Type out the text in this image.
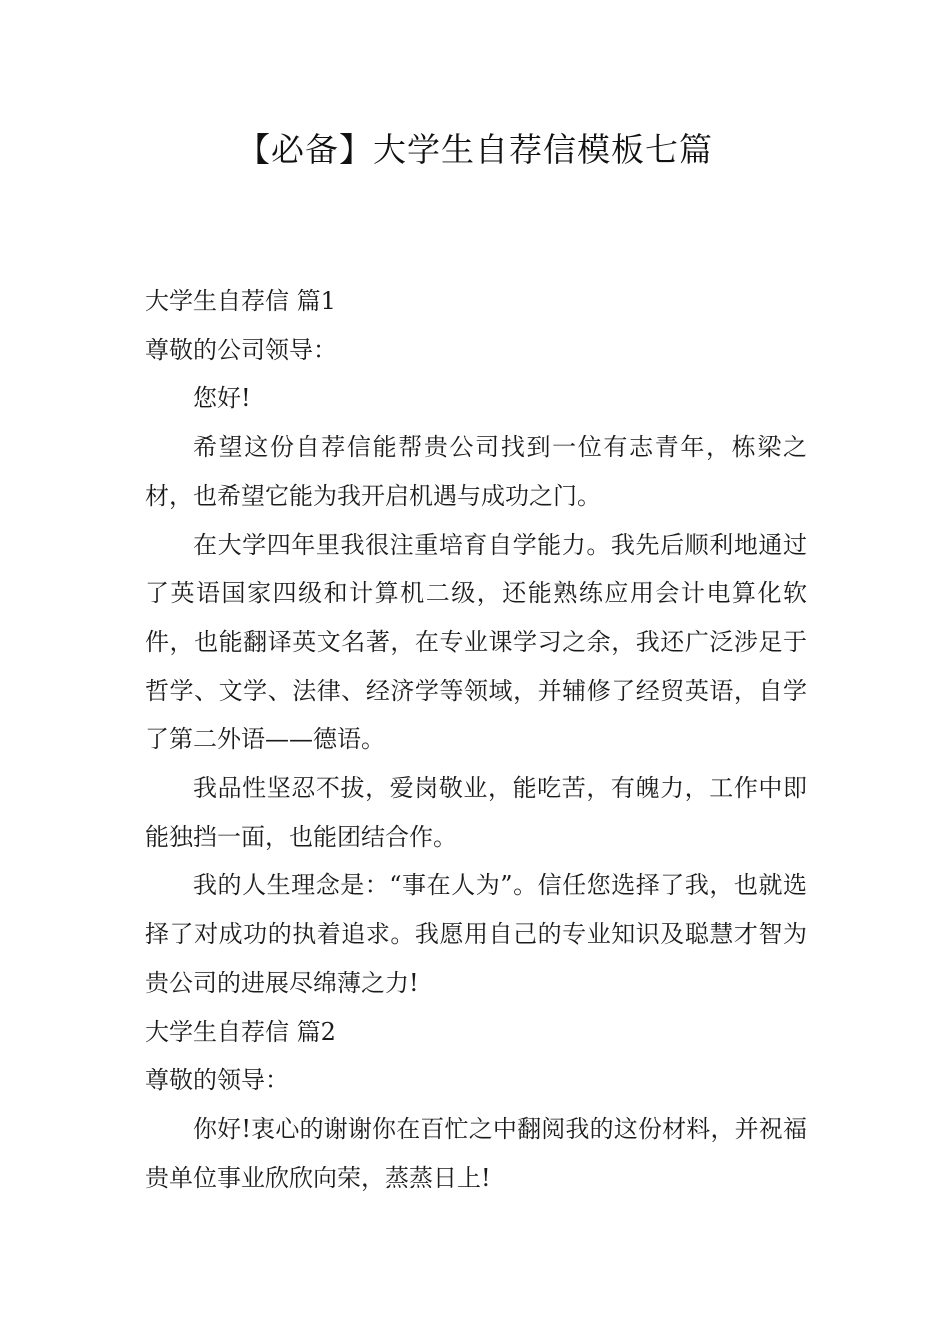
【必备】大学生自荐信模板七篇

大学生自荐信 篇1

尊敬的公司领导：

您好!

希望这份自荐信能帮贵公司找到一位有志青年，栋梁之材，也希望它能为我开启机遇与成功之门。

在大学四年里我很注重培育自学能力。我先后顺利地通过了英语国家四级和计算机二级，还能熟练应用会计电算化软件，也能翻译英文名著，在专业课学习之余，我还广泛涉足于哲学、文学、法律、经济学等领域，并辅修了经贸英语，自学了第二外语——德语。

我品性坚忍不拔，爱岗敬业，能吃苦，有魄力，工作中即能独挡一面，也能团结合作。

我的人生理念是：“事在人为”。信任您选择了我，也就选择了对成功的执着追求。我愿用自己的专业知识及聪慧才智为贵公司的进展尽绵薄之力!

大学生自荐信 篇2

尊敬的领导：

你好!衷心的谢谢你在百忙之中翻阅我的这份材料，并祝福贵单位事业欣欣向荣，蒸蒸日上!
